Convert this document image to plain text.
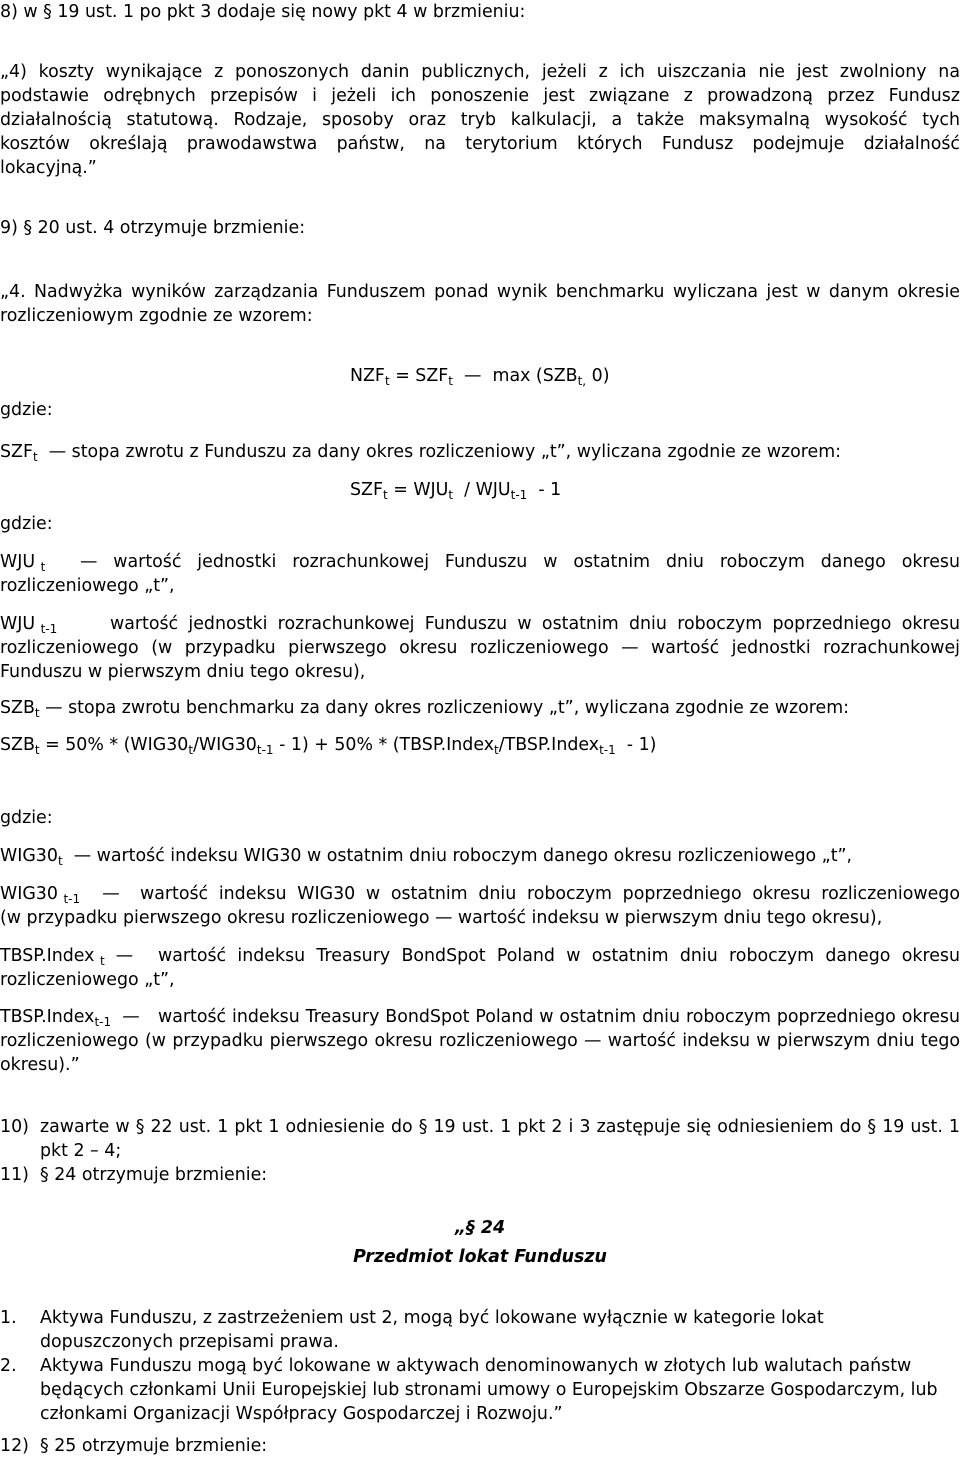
8) w § 19 ust. 1 po pkt 3 dodaje się nowy pkt 4 w brzmieniu:
„4) koszty wynikające z ponoszonych danin publicznych, jeżeli z ich uiszczania nie jest zwolniony na
podstawie odrębnych przepisów i jeżeli ich ponoszenie jest związane z prowadzoną przez Fundusz
działalnością statutową. Rodzaje, sposoby oraz tryb kalkulacji, a także maksymalną wysokość tych
kosztów określają prawodawstwa państw, na terytorium których Fundusz podejmuje działalność
lokacyjną.”
9) § 20 ust. 4 otrzymuje brzmienie:
„4. Nadwyżka wyników zarządzania Funduszem ponad wynik benchmarku wyliczana jest w danym okresie
rozliczeniowym zgodnie ze wzorem:
$NZF_t = SZF_t$ — $\max (SZB_{t,}$ 0)
gdzie:
$SZF_t$ — stopa zwrotu z Funduszu za dany okres rozliczeniowy „t”, wyliczana zgodnie ze wzorem:
$SZF_t = WJU_t / WJU_{t-1} - 1$
gdzie:
WJU $_t$ — wartość jednostki rozrachunkowej Funduszu w ostatnim dniu roboczym danego okresu
rozliczeniowego „t”,
WJU $_{t-1}$	wartość jednostki rozrachunkowej Funduszu w ostatnim dniu roboczym poprzedniego okresu
rozliczeniowego (w przypadku pierwszego okresu rozliczeniowego — wartość jednostki rozrachunkowej
Funduszu w pierwszym dniu tego okresu),
$SZB_t$ — stopa zwrotu benchmarku za dany okres rozliczeniowy „t”, wyliczana zgodnie ze wzorem:
$SZB_t = 50\% * (WIG30_t/WIG30_{t-1} - 1) + 50\%$ * (TBSP.Index$_t$/TBSP.Index$_{t-1}$ - 1)
gdzie:
$WIG30_t$  — wartość indeksu WIG30 w ostatnim dniu roboczym danego okresu rozliczeniowego „t”,
WIG30 $_{t-1}$    — wartość indeksu WIG30 w ostatnim dniu roboczym poprzedniego okresu rozliczeniowego
(w przypadku pierwszego okresu rozliczeniowego — wartość indeksu w pierwszym dniu tego okresu),
TBSP.Index $_t$  — wartość indeksu Treasury BondSpot Poland w ostatnim dniu roboczym danego okresu
rozliczeniowego „t”,
TBSP.Index$_{t-1}$  — wartość indeksu Treasury BondSpot Poland w ostatnim dniu roboczym poprzedniego okresu
rozliczeniowego (w przypadku pierwszego okresu rozliczeniowego — wartość indeksu w pierwszym dniu tego
okresu).”
10) zawarte w § 22 ust. 1 pkt 1 odniesienie do § 19 ust. 1 pkt 2 i 3 zastępuje się odniesieniem do § 19 ust. 1
pkt 2 – 4;
11) § 24 otrzymuje brzmienie:
„§ 24
Przedmiot lokat Funduszu
1. Aktywa Funduszu, z zastrzeżeniem ust 2, mogą być lokowane wyłącznie w kategorie lokat
dopuszczonych przepisami prawa.
2. Aktywa Funduszu mogą być lokowane w aktywach denominowanych w złotych lub walutach państw
będących członkami Unii Europejskiej lub stronami umowy o Europejskim Obszarze Gospodarczym, lub
członkami Organizacji Współpracy Gospodarczej i Rozwoju.”
12) § 25 otrzymuje brzmienie:
